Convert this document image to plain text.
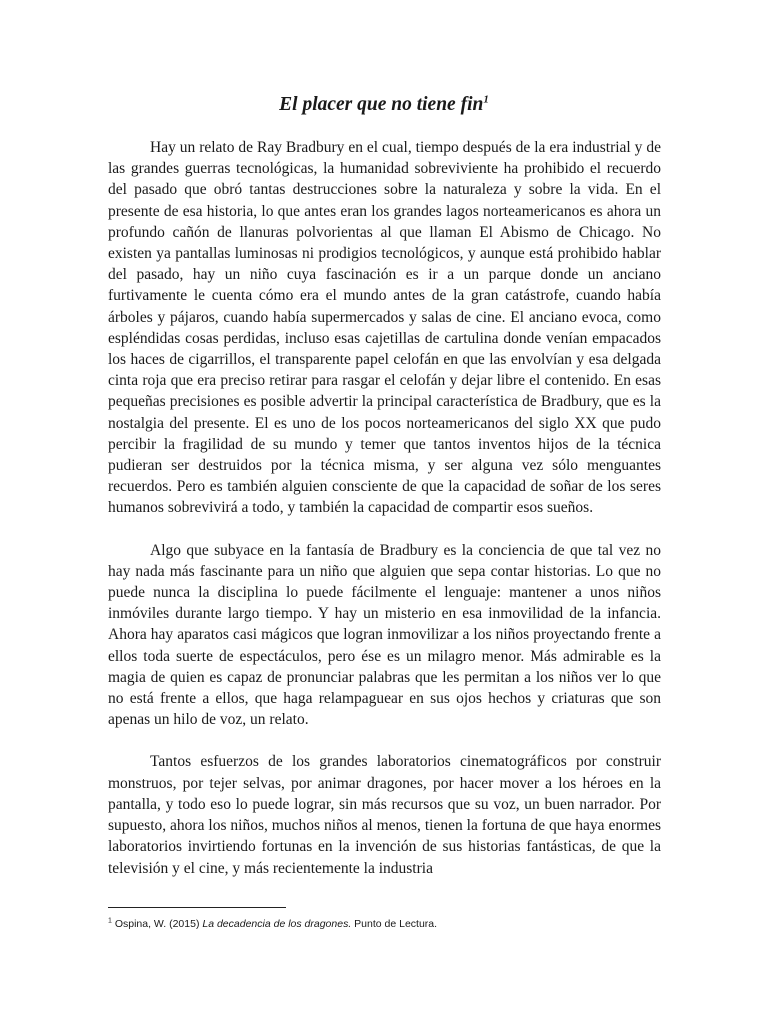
El placer que no tiene fin$^1$

Hay un relato de Ray Bradbury en el cual, tiempo después de la era industrial y de las grandes guerras tecnológicas, la humanidad sobreviviente ha prohibido el recuerdo del pasado que obró tantas destrucciones sobre la naturaleza y sobre la vida. En el presente de esa historia, lo que antes eran los grandes lagos norteamericanos es ahora un profundo cañón de llanuras polvorientas al que llaman El Abismo de Chicago. No existen ya pantallas luminosas ni prodigios tecnológicos, y aunque está prohibido hablar del pasado, hay un niño cuya fascinación es ir a un parque donde un anciano furtivamente le cuenta cómo era el mundo antes de la gran catástrofe, cuando había árboles y pájaros, cuando había supermercados y salas de cine. El anciano evoca, como espléndidas cosas perdidas, incluso esas cajetillas de cartulina donde venían empacados los haces de cigarrillos, el transparente papel celofán en que las envolvían y esa delgada cinta roja que era preciso retirar para rasgar el celofán y dejar libre el contenido. En esas pequeñas precisiones es posible advertir la principal característica de Bradbury, que es la nostalgia del presente. El es uno de los pocos norteamericanos del siglo XX que pudo percibir la fragilidad de su mundo y temer que tantos inventos hijos de la técnica pudieran ser destruidos por la técnica misma, y ser alguna vez sólo menguantes recuerdos. Pero es también alguien consciente de que la capacidad de soñar de los seres humanos sobrevivirá a todo, y también la capacidad de compartir esos sueños.

Algo que subyace en la fantasía de Bradbury es la conciencia de que tal vez no hay nada más fascinante para un niño que alguien que sepa contar historias. Lo que no puede nunca la disciplina lo puede fácilmente el lenguaje: mantener a unos niños inmóviles durante largo tiempo. Y hay un misterio en esa inmovilidad de la infancia. Ahora hay aparatos casi mágicos que logran inmovilizar a los niños proyectando frente a ellos toda suerte de espectáculos, pero ése es un milagro menor. Más admirable es la magia de quien es capaz de pronunciar palabras que les permitan a los niños ver lo que no está frente a ellos, que haga relampaguear en sus ojos hechos y criaturas que son apenas un hilo de voz, un relato.

Tantos esfuerzos de los grandes laboratorios cinematográficos por construir monstruos, por tejer selvas, por animar dragones, por hacer mover a los héroes en la pantalla, y todo eso lo puede lograr, sin más recursos que su voz, un buen narrador. Por supuesto, ahora los niños, muchos niños al menos, tienen la fortuna de que haya enormes laboratorios invirtiendo fortunas en la invención de sus historias fantásticas, de que la televisión y el cine, y más recientemente la industria

$^1$ Ospina, W. (2015) La decadencia de los dragones. Punto de Lectura.
